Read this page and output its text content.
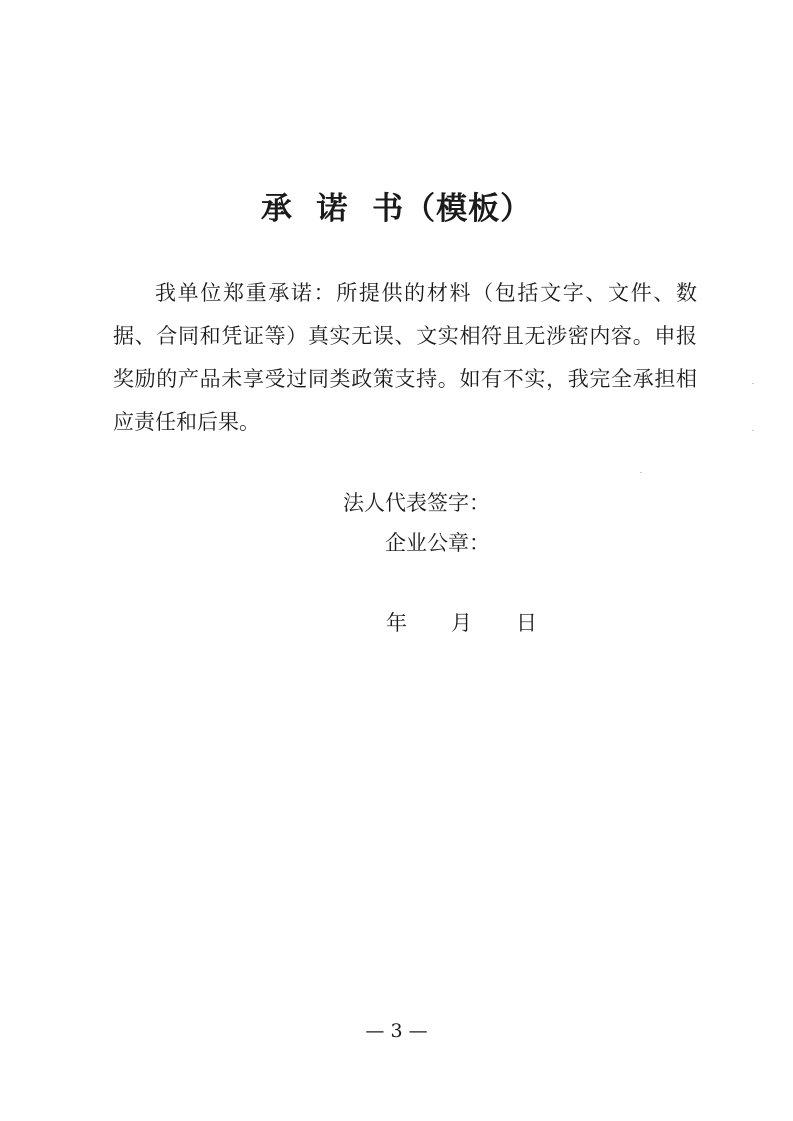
承  诺  书（模板）

我单位郑重承诺：所提供的材料（包括文字、文件、数据、合同和凭证等）真实无误、文实相符且无涉密内容。申报奖励的产品未享受过同类政策支持。如有不实，我完全承担相应责任和后果。

法人代表签字：

企业公章：

年 月 日

— 3 —
